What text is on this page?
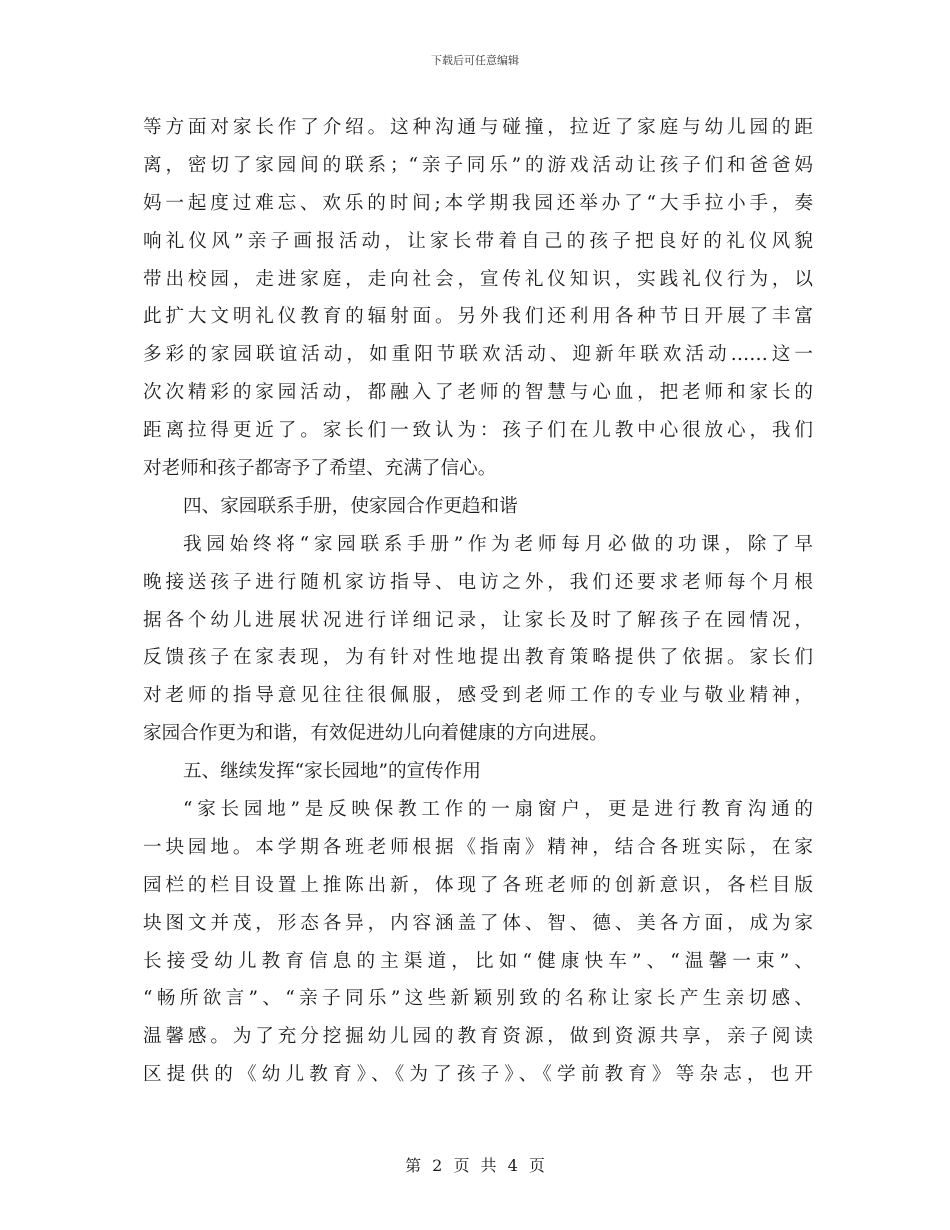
下载后可任意编辑
等方面对家长作了介绍。这种沟通与碰撞，拉近了家庭与幼儿园的距
离，密切了家园间的联系；“亲子同乐”的游戏活动让孩子们和爸爸妈
妈一起度过难忘、欢乐的时间;本学期我园还举办了“大手拉小手，奏
响礼仪风”亲子画报活动，让家长带着自己的孩子把良好的礼仪风貌
带出校园，走进家庭，走向社会，宣传礼仪知识，实践礼仪行为，以
此扩大文明礼仪教育的辐射面。另外我们还利用各种节日开展了丰富
多彩的家园联谊活动，如重阳节联欢活动、迎新年联欢活动……这一
次次精彩的家园活动，都融入了老师的智慧与心血，把老师和家长的
距离拉得更近了。家长们一致认为：孩子们在儿教中心很放心，我们
对老师和孩子都寄予了希望、充满了信心。
四、家园联系手册，使家园合作更趋和谐
我园始终将“家园联系手册”作为老师每月必做的功课，除了早
晚接送孩子进行随机家访指导、电访之外，我们还要求老师每个月根
据各个幼儿进展状况进行详细记录，让家长及时了解孩子在园情况，
反馈孩子在家表现，为有针对性地提出教育策略提供了依据。家长们
对老师的指导意见往往很佩服，感受到老师工作的专业与敬业精神，
家园合作更为和谐，有效促进幼儿向着健康的方向进展。
五、继续发挥“家长园地”的宣传作用
“家长园地”是反映保教工作的一扇窗户，更是进行教育沟通的
一块园地。本学期各班老师根据《指南》精神，结合各班实际，在家
园栏的栏目设置上推陈出新，体现了各班老师的创新意识，各栏目版
块图文并茂，形态各异，内容涵盖了体、智、德、美各方面，成为家
长接受幼儿教育信息的主渠道，比如“健康快车”、“温馨一束”、
“畅所欲言”、“亲子同乐”这些新颖别致的名称让家长产生亲切感、
温馨感。为了充分挖掘幼儿园的教育资源，做到资源共享，亲子阅读
区提供的《幼儿教育》、《为了孩子》、《学前教育》等杂志，也开
第 2 页 共 4 页
